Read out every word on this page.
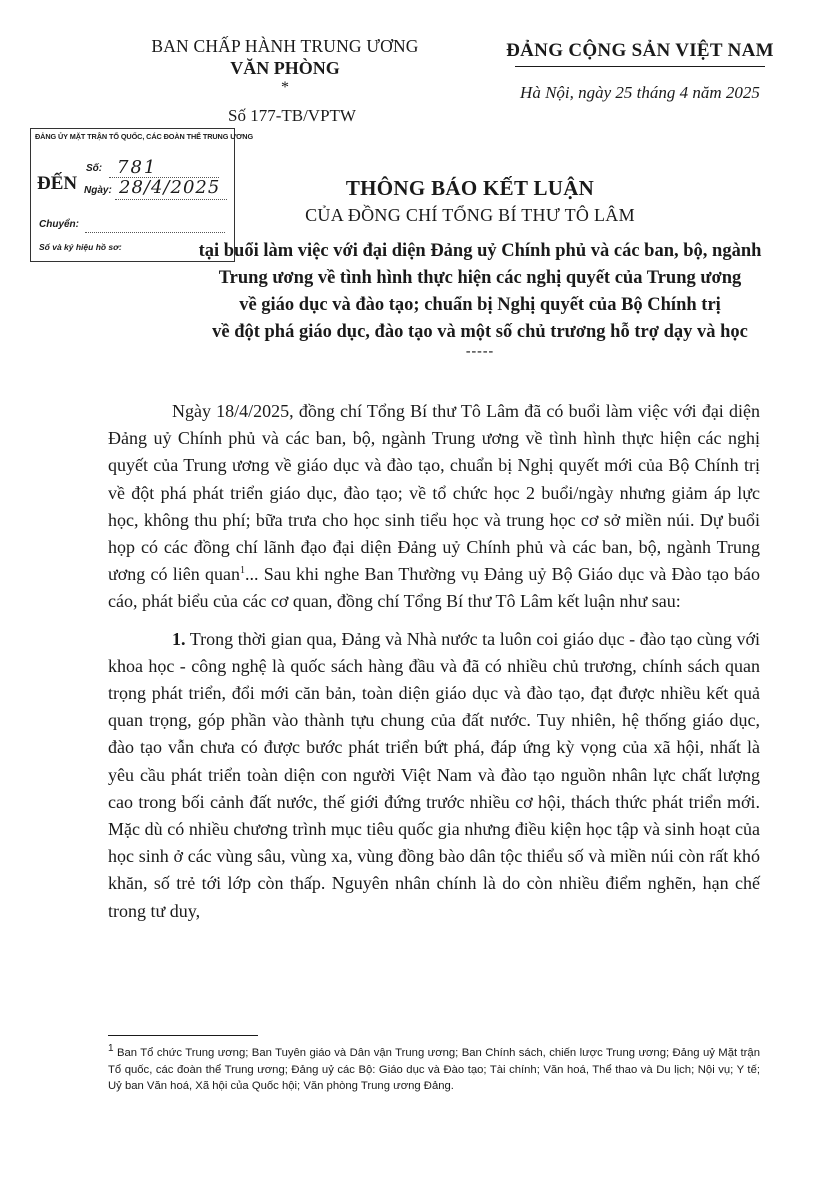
BAN CHẤP HÀNH TRUNG ƯƠNG
VĂN PHÒNG
*
Số 177-TB/VPTW
ĐẢNG CỘNG SẢN VIỆT NAM
Hà Nội, ngày 25 tháng 4 năm 2025
ĐẢNG ỦY MẶT TRẬN TỔ QUỐC, CÁC ĐOÀN THỂ TRUNG ƯƠNG
ĐẾN
Số: 781
Ngày: 28/4/2025
Chuyển:
Số và ký hiệu hồ sơ:
THÔNG BÁO KẾT LUẬN
CỦA ĐỒNG CHÍ TỔNG BÍ THƯ TÔ LÂM
tại buổi làm việc với đại diện Đảng uỷ Chính phủ và các ban, bộ, ngành
Trung ương về tình hình thực hiện các nghị quyết của Trung ương
về giáo dục và đào tạo; chuẩn bị Nghị quyết của Bộ Chính trị
về đột phá giáo dục, đào tạo và một số chủ trương hỗ trợ dạy và học
-----

Ngày 18/4/2025, đồng chí Tổng Bí thư Tô Lâm đã có buổi làm việc với đại diện Đảng uỷ Chính phủ và các ban, bộ, ngành Trung ương về tình hình thực hiện các nghị quyết của Trung ương về giáo dục và đào tạo, chuẩn bị Nghị quyết mới của Bộ Chính trị về đột phá phát triển giáo dục, đào tạo; về tổ chức học 2 buổi/ngày nhưng giảm áp lực học, không thu phí; bữa trưa cho học sinh tiểu học và trung học cơ sở miền núi. Dự buổi họp có các đồng chí lãnh đạo đại diện Đảng uỷ Chính phủ và các ban, bộ, ngành Trung ương có liên quan$^1$... Sau khi nghe Ban Thường vụ Đảng uỷ Bộ Giáo dục và Đào tạo báo cáo, phát biểu của các cơ quan, đồng chí Tổng Bí thư Tô Lâm kết luận như sau:

1. Trong thời gian qua, Đảng và Nhà nước ta luôn coi giáo dục - đào tạo cùng với khoa học - công nghệ là quốc sách hàng đầu và đã có nhiều chủ trương, chính sách quan trọng phát triển, đổi mới căn bản, toàn diện giáo dục và đào tạo, đạt được nhiều kết quả quan trọng, góp phần vào thành tựu chung của đất nước. Tuy nhiên, hệ thống giáo dục, đào tạo vẫn chưa có được bước phát triển bứt phá, đáp ứng kỳ vọng của xã hội, nhất là yêu cầu phát triển toàn diện con người Việt Nam và đào tạo nguồn nhân lực chất lượng cao trong bối cảnh đất nước, thế giới đứng trước nhiều cơ hội, thách thức phát triển mới. Mặc dù có nhiều chương trình mục tiêu quốc gia nhưng điều kiện học tập và sinh hoạt của học sinh ở các vùng sâu, vùng xa, vùng đồng bào dân tộc thiểu số và miền núi còn rất khó khăn, số trẻ tới lớp còn thấp. Nguyên nhân chính là do còn nhiều điểm nghẽn, hạn chế trong tư duy,

$^1$ Ban Tổ chức Trung ương; Ban Tuyên giáo và Dân vận Trung ương; Ban Chính sách, chiến lược Trung ương; Đảng uỷ Mặt trận Tổ quốc, các đoàn thể Trung ương; Đảng uỷ các Bộ: Giáo dục và Đào tạo; Tài chính; Văn hoá, Thể thao và Du lịch; Nội vụ; Y tế; Uỷ ban Văn hoá, Xã hội của Quốc hội; Văn phòng Trung ương Đảng.
